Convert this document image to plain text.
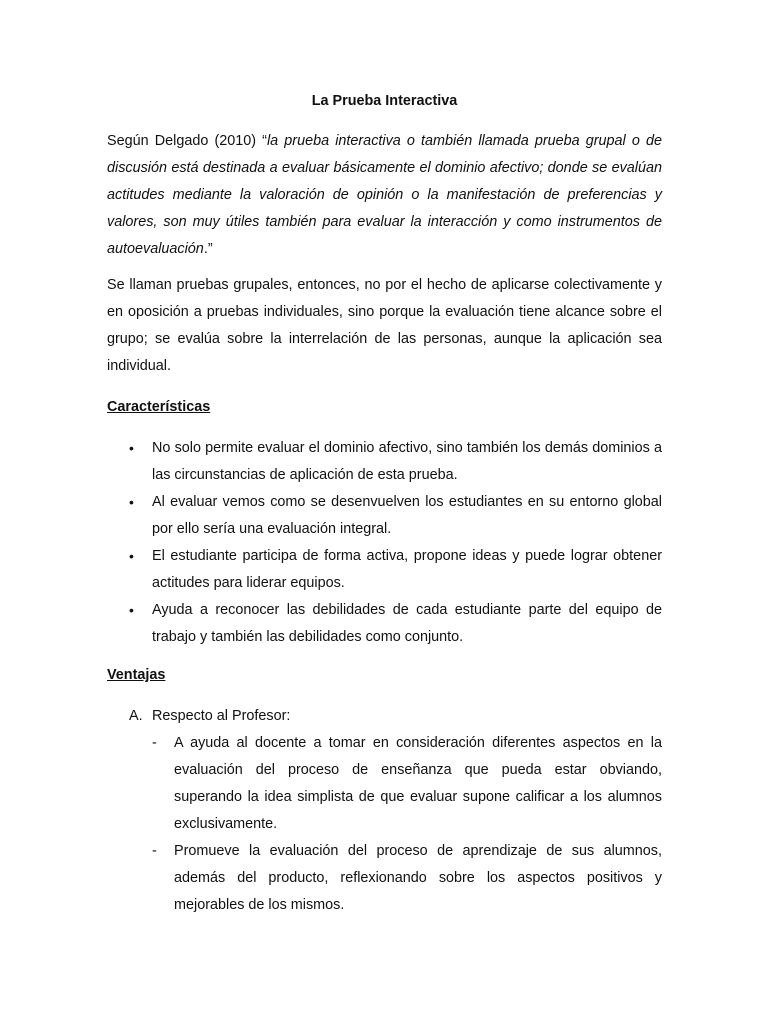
La Prueba Interactiva

Según Delgado (2010) “la prueba interactiva o también llamada prueba grupal o de discusión está destinada a evaluar básicamente el dominio afectivo; donde se evalúan actitudes mediante la valoración de opinión o la manifestación de preferencias y valores, son muy útiles también para evaluar la interacción y como instrumentos de autoevaluación.”

Se llaman pruebas grupales, entonces, no por el hecho de aplicarse colectivamente y en oposición a pruebas individuales, sino porque la evaluación tiene alcance sobre el grupo; se evalúa sobre la interrelación de las personas, aunque la aplicación sea individual.

Características
• No solo permite evaluar el dominio afectivo, sino también los demás dominios a las circunstancias de aplicación de esta prueba.
• Al evaluar vemos como se desenvuelven los estudiantes en su entorno global por ello sería una evaluación integral.
• El estudiante participa de forma activa, propone ideas y puede lograr obtener actitudes para liderar equipos.
• Ayuda a reconocer las debilidades de cada estudiante parte del equipo de trabajo y también las debilidades como conjunto.
Ventajas
A. Respecto al Profesor:
- A ayuda al docente a tomar en consideración diferentes aspectos en la evaluación del proceso de enseñanza que pueda estar obviando, superando la idea simplista de que evaluar supone calificar a los alumnos exclusivamente.
- Promueve la evaluación del proceso de aprendizaje de sus alumnos, además del producto, reflexionando sobre los aspectos positivos y mejorables de los mismos.
